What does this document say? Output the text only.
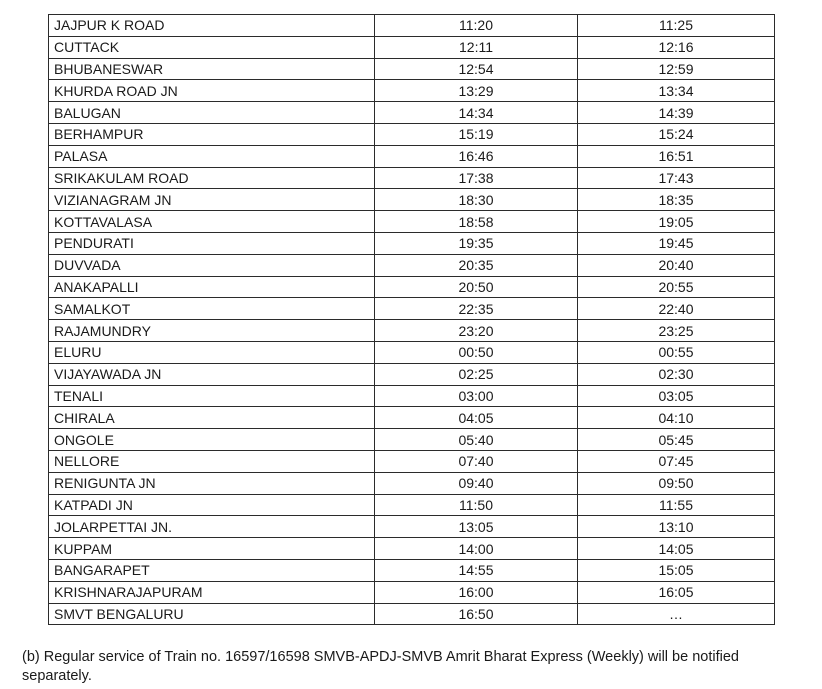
JAJPUR K ROAD	11:20	11:25
CUTTACK	12:11	12:16
BHUBANESWAR	12:54	12:59
KHURDA ROAD JN	13:29	13:34
BALUGAN	14:34	14:39
BERHAMPUR	15:19	15:24
PALASA	16:46	16:51
SRIKAKULAM ROAD	17:38	17:43
VIZIANAGRAM JN	18:30	18:35
KOTTAVALASA	18:58	19:05
PENDURATI	19:35	19:45
DUVVADA	20:35	20:40
ANAKAPALLI	20:50	20:55
SAMALKOT	22:35	22:40
RAJAMUNDRY	23:20	23:25
ELURU	00:50	00:55
VIJAYAWADA JN	02:25	02:30
TENALI	03:00	03:05
CHIRALA	04:05	04:10
ONGOLE	05:40	05:45
NELLORE	07:40	07:45
RENIGUNTA JN	09:40	09:50
KATPADI JN	11:50	11:55
JOLARPETTAI JN.	13:05	13:10
KUPPAM	14:00	14:05
BANGARAPET	14:55	15:05
KRISHNARAJAPURAM	16:00	16:05
SMVT BENGALURU	16:50	…
(b) Regular service of Train no. 16597/16598 SMVB-APDJ-SMVB Amrit Bharat Express (Weekly) will be notified separately.
